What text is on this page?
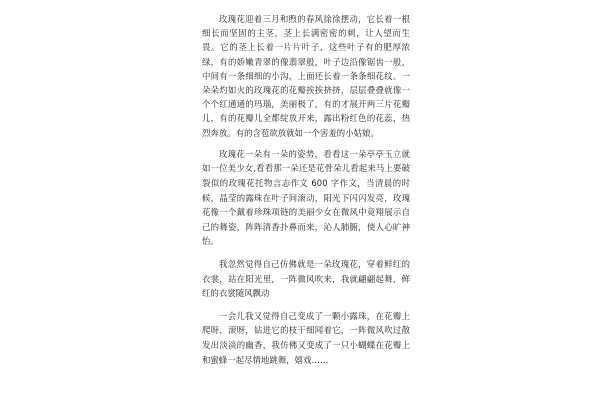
玫瑰花迎着三月和煦的春风徐徐摆动，它长着一根细长而坚固的主茎，茎上长满密密的刺，让人望而生畏。它的茎上长着一片片叶子，这些叶子有的肥厚浓绿，有的娇嫩青翠的像翡翠般，叶子边沿像锯齿一般，中间有一条细细的小沟，上面还长着一条条细花纹。一朵朵灼如火的玫瑰花的花瓣挨挨挤挤，层层叠叠就像一个个红通通的玛瑙，美丽极了，有的才展开两三片花瓣儿，有的花瓣儿全都绽放开来，露出粉红色的花蕊，热烈奔放。有的含苞欲放就如一个害羞的小姑娘。

玫瑰花一朵有一朵的姿势，看看这一朵亭亭玉立就如一位美少女,看看那一朵还是花骨朵儿看起来马上要破裂似的玫瑰花托物言志作文 600 字作文，当清晨的时候，晶莹的露珠在叶子间滚动，阳光下闪闪发亮，玫瑰花像一个戴着珍珠项链的美丽少女在微风中竟翔展示自己的舞姿，阵阵清香扑鼻而来，沁人肺腑，使人心旷神怡。

我忽然觉得自己仿佛就是一朵玫瑰花，穿着鲜红的衣裳，站在阳光里，一阵微风吹来，我就翩翩起舞，鲜红的衣裳随风飘动

一会儿我又觉得自己变成了一颗小露珠，在花瓣上爬呀，滚呀，钻进它的枝干细闻着它，一阵微风吹过散发出淡淡的幽香，我仿佛又变成了一只小蝴蝶在花瓣上和蜜蜂一起尽情地跳舞，嬉戏……
